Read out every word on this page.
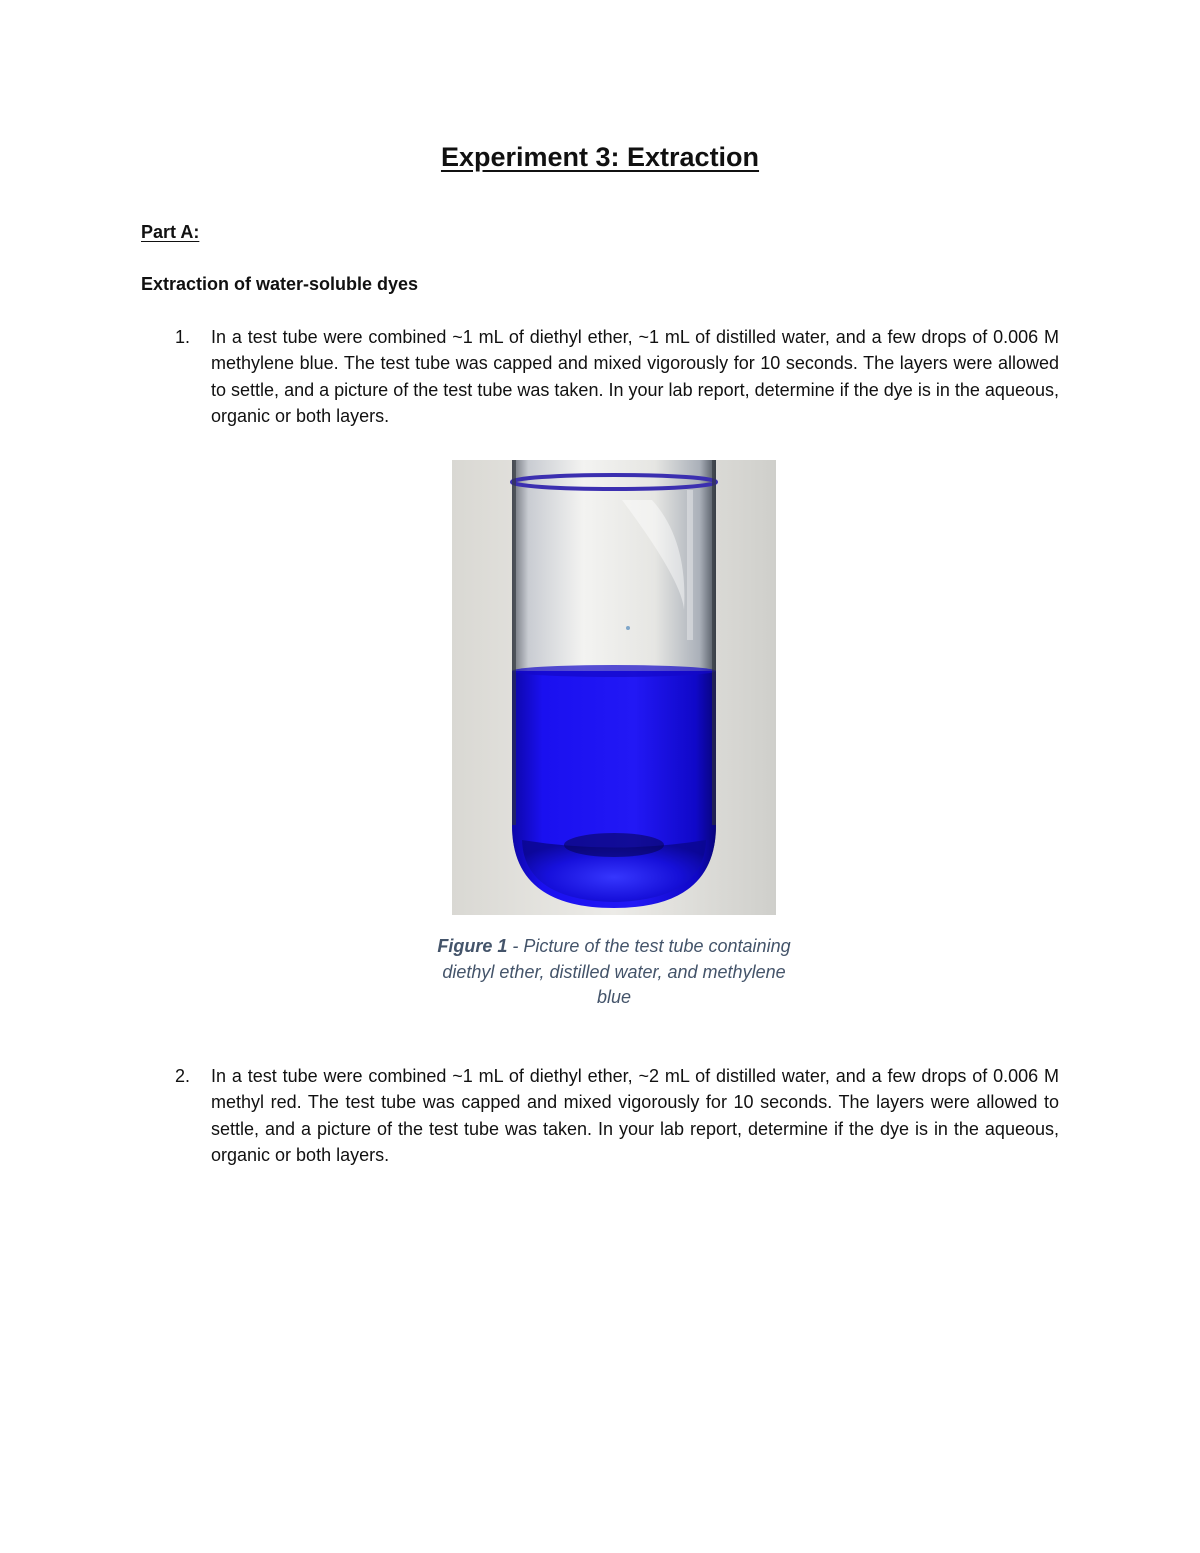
Experiment 3: Extraction
Part A:
Extraction of water-soluble dyes
1. In a test tube were combined ~1 mL of diethyl ether, ~1 mL of distilled water, and a few drops of 0.006 M methylene blue. The test tube was capped and mixed vigorously for 10 seconds. The layers were allowed to settle, and a picture of the test tube was taken. In your lab report, determine if the dye is in the aqueous, organic or both layers.
Figure 1 - Picture of the test tube containing diethyl ether, distilled water, and methylene blue
2. In a test tube were combined ~1 mL of diethyl ether, ~2 mL of distilled water, and a few drops of 0.006 M methyl red. The test tube was capped and mixed vigorously for 10 seconds. The layers were allowed to settle, and a picture of the test tube was taken. In your lab report, determine if the dye is in the aqueous, organic or both layers.
